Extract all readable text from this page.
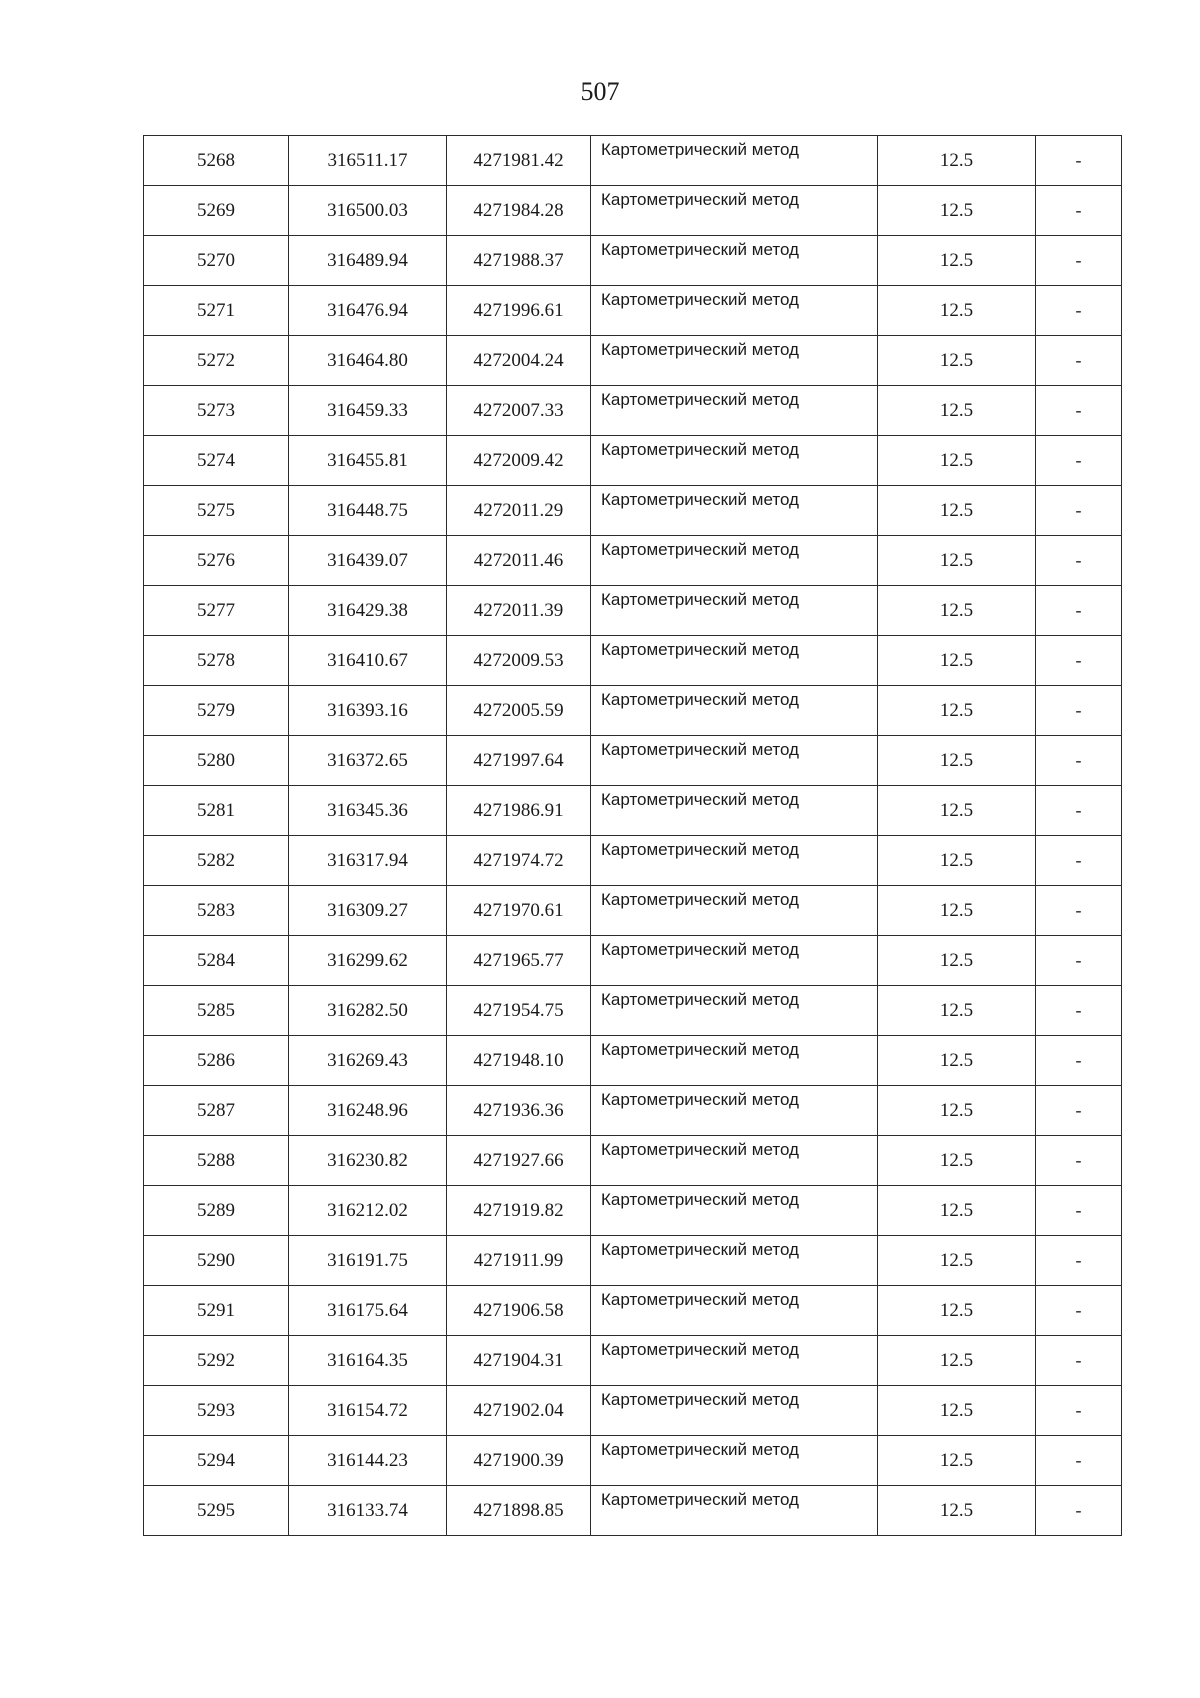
507
5268	316511.17	4271981.42	Картометрический метод	12.5	-
5269	316500.03	4271984.28	Картометрический метод	12.5	-
5270	316489.94	4271988.37	Картометрический метод	12.5	-
5271	316476.94	4271996.61	Картометрический метод	12.5	-
5272	316464.80	4272004.24	Картометрический метод	12.5	-
5273	316459.33	4272007.33	Картометрический метод	12.5	-
5274	316455.81	4272009.42	Картометрический метод	12.5	-
5275	316448.75	4272011.29	Картометрический метод	12.5	-
5276	316439.07	4272011.46	Картометрический метод	12.5	-
5277	316429.38	4272011.39	Картометрический метод	12.5	-
5278	316410.67	4272009.53	Картометрический метод	12.5	-
5279	316393.16	4272005.59	Картометрический метод	12.5	-
5280	316372.65	4271997.64	Картометрический метод	12.5	-
5281	316345.36	4271986.91	Картометрический метод	12.5	-
5282	316317.94	4271974.72	Картометрический метод	12.5	-
5283	316309.27	4271970.61	Картометрический метод	12.5	-
5284	316299.62	4271965.77	Картометрический метод	12.5	-
5285	316282.50	4271954.75	Картометрический метод	12.5	-
5286	316269.43	4271948.10	Картометрический метод	12.5	-
5287	316248.96	4271936.36	Картометрический метод	12.5	-
5288	316230.82	4271927.66	Картометрический метод	12.5	-
5289	316212.02	4271919.82	Картометрический метод	12.5	-
5290	316191.75	4271911.99	Картометрический метод	12.5	-
5291	316175.64	4271906.58	Картометрический метод	12.5	-
5292	316164.35	4271904.31	Картометрический метод	12.5	-
5293	316154.72	4271902.04	Картометрический метод	12.5	-
5294	316144.23	4271900.39	Картометрический метод	12.5	-
5295	316133.74	4271898.85	Картометрический метод	12.5	-
